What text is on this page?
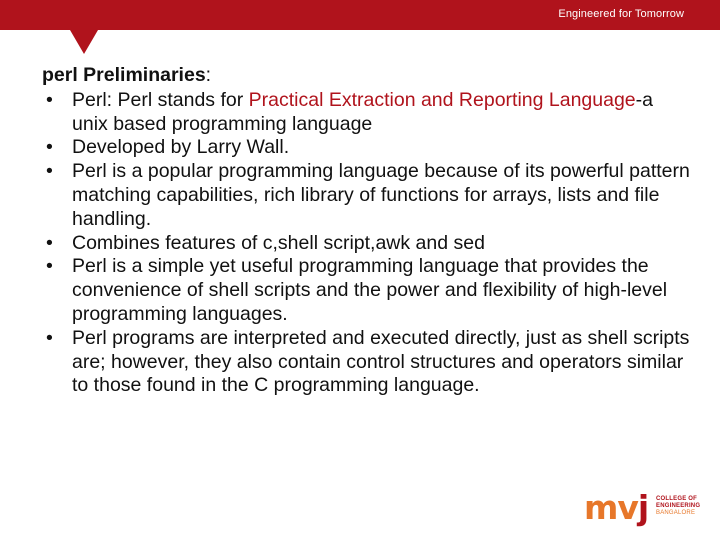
Engineered for Tomorrow
perl Preliminaries:
• Perl: Perl stands for Practical Extraction and Reporting Language-a unix based programming language
• Developed by Larry Wall.
• Perl is a popular programming language because of its powerful pattern matching capabilities, rich library of functions for arrays, lists and file handling.
• Combines features of c,shell script,awk and sed
• Perl is a simple yet useful programming language that provides the convenience of shell scripts and the power and flexibility of high-level programming languages.
• Perl programs are interpreted and executed directly, just as shell scripts are; however, they also contain control structures and operators similar to those found in the C programming language.
mvj COLLEGE OF
ENGINEERING
BANGALORE
